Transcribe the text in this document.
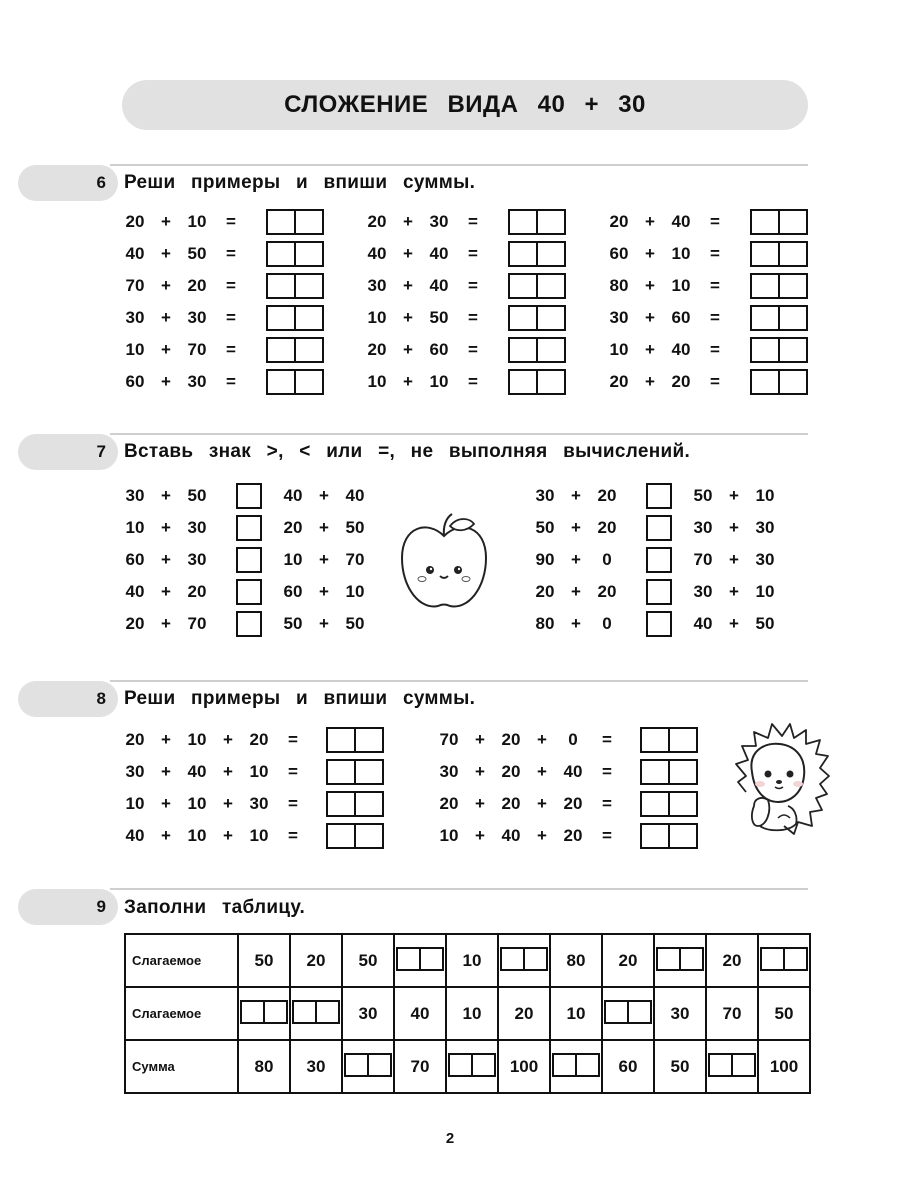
СЛОЖЕНИЕ ВИДА 40 + 30
6 Реши примеры и впиши суммы.
20 + 10	=
40 + 50	=
70 + 20	=
30 + 30	=
10 + 70	=
60 + 30	=
20 + 30	=
40 + 40	=
30 + 40	=
10 + 50	=
20 + 60	=
10 + 10	=
20 + 40	=
60 + 10	=
80 + 10	=
30 + 60	=
10 + 40	=
20 + 20	=
7 Вставь знак >, < или =, не выполняя вычислений.
30 + 50	40 + 40
10 + 30	20 + 50
60 + 30	10 + 70
40 + 20	60 + 10
20 + 70	50 + 50
30 + 20	50 + 10
50 + 20	30 + 30
90 +	0	70 + 30
20 + 20	30 + 10
80 +	0	40 + 50
8 Реши примеры и впиши суммы.
20 + 10 + 20	=
30 + 40 + 10	=
10 + 10 + 30	=
40 + 10 + 10	=
70 + 20 +	0	=
30 + 20 + 40	=
20 + 20 + 20	=
10 + 40 + 20	=
9 Заполни таблицу.
Слагаемое	50	20	50		10		80	20		20	

Слагаемое			30	40	10	20	10		30	70	50
Сумма	80	30		70		100		60	50		100
2
